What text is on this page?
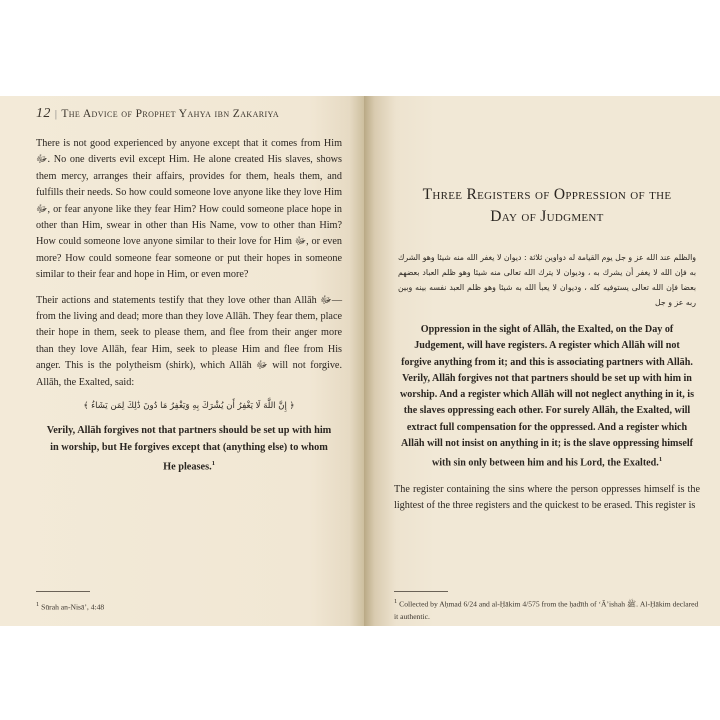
12 | The Advice of Prophet Yahya ibn Zakariya

There is not good experienced by anyone except that it comes from Him ﷻ. No one diverts evil except Him. He alone created His slaves, shows them mercy, arranges their affairs, provides for them, heals them, and fulfills their needs. So how could someone love anyone like they love Him ﷻ, or fear anyone like they fear Him? How could someone place hope in other than Him, swear in other than His Name, vow to other than Him? How could someone love anyone similar to their love for Him ﷻ, or even more? How could someone fear someone or put their hopes in someone similar to their fear and hope in Him, or even more?

Their actions and statements testify that they love other than Allāh ﷻ—from the living and dead; more than they love Allāh. They fear them, place their hope in them, seek to please them, and flee from their anger more than they love Allāh, fear Him, seek to please Him and flee from His anger. This is the polytheism (shirk), which Allāh ﷻ will not forgive. Allāh, the Exalted, said:

﴿ إِنَّ اللَّهَ لَا يَغْفِرُ أَن يُشْرَكَ بِهِ وَيَغْفِرُ مَا دُونَ ذَٰلِكَ لِمَن يَشَاءُ ﴾
Verily, Allāh forgives not that partners should be set up with him in worship, but He forgives except that (anything else) to whom He pleases.$^1$
$^1$ Sūrah an-Nisā’, 4:48
Three Registers of Oppression of the
Day of Judgment
والظلم عند الله عز و جل يوم القيامة له دواوين ثلاثة : ديوان لا يغفر الله منه شيئا وهو الشرك به فإن الله لا يغفر أن يشرك به ، وديوان لا يترك الله تعالى منه شيئا وهو ظلم العباد بعضهم بعضا فإن الله تعالى يستوفيه كله ، وديوان لا يعبأ الله به شيئا وهو ظلم العبد نفسه بينه وبين ربه عز و جل
Oppression in the sight of Allāh, the Exalted, on the Day of Judgement, will have registers. A register which Allāh will not forgive anything from it; and this is associating partners with Allāh. Verily, Allāh forgives not that partners should be set up with him in worship. And a register which Allāh will not neglect anything in it, is the slaves oppressing each other. For surely Allāh, the Exalted, will extract full compensation for the oppressed. And a register which Allāh will not insist on anything in it; is the slave oppressing himself with sin only between him and his Lord, the Exalted.$^1$

The register containing the sins where the person oppresses himself is the lightest of the three registers and the quickest to be erased. This register is

$^1$ Collected by Aḥmad 6/24 and al-Ḥākim 4/575 from the ḥadīth of ‘Ā’ishah ﷺ. Al-Ḥākim declared it authentic.
